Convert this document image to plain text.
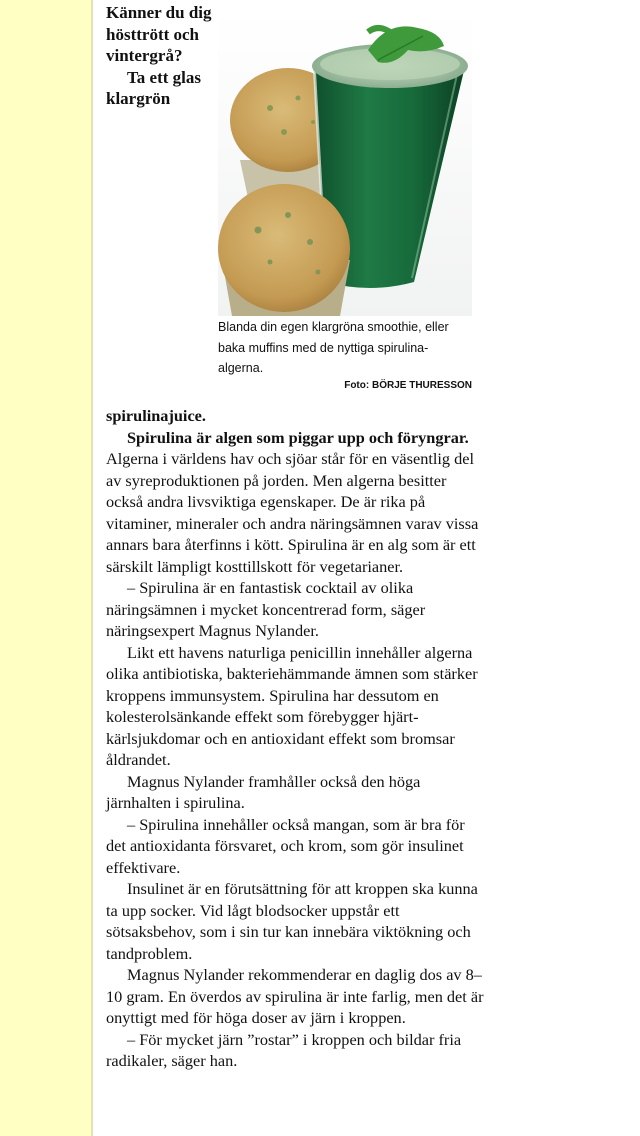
Känner du dig hösttrött och vintergrå?

Ta ett glas klargrön

Blanda din egen klargröna smoothie, eller baka muffins med de nyttiga spirulina-algerna.
Foto: BÖRJE THURESSON

spirulinajuice.

Spirulina är algen som piggar upp och föryngrar.

Algerna i världens hav och sjöar står för en väsentlig del av syreproduktionen på jorden. Men algerna besitter också andra livsviktiga egenskaper. De är rika på vitaminer, mineraler och andra näringsämnen varav vissa annars bara återfinns i kött. Spirulina är en alg som är ett särskilt lämpligt kosttillskott för vegetarianer.

– Spirulina är en fantastisk cocktail av olika näringsämnen i mycket koncentrerad form, säger näringsexpert Magnus Nylander.

Likt ett havens naturliga penicillin innehåller algerna olika antibiotiska, bakteriehämmande ämnen som stärker kroppens immunsystem. Spirulina har dessutom en kolesterolsänkande effekt som förebygger hjärt-kärlsjukdomar och en antioxidant effekt som bromsar åldrandet.

Magnus Nylander framhåller också den höga järnhalten i spirulina.

– Spirulina innehåller också mangan, som är bra för det antioxidanta försvaret, och krom, som gör insulinet effektivare.

Insulinet är en förutsättning för att kroppen ska kunna ta upp socker. Vid lågt blodsocker uppstår ett sötsaksbehov, som i sin tur kan innebära viktökning och tandproblem.

Magnus Nylander rekommenderar en daglig dos av 8–10 gram. En överdos av spirulina är inte farlig, men det är onyttigt med för höga doser av järn i kroppen.

– För mycket järn ”rostar” i kroppen och bildar fria radikaler, säger han.
